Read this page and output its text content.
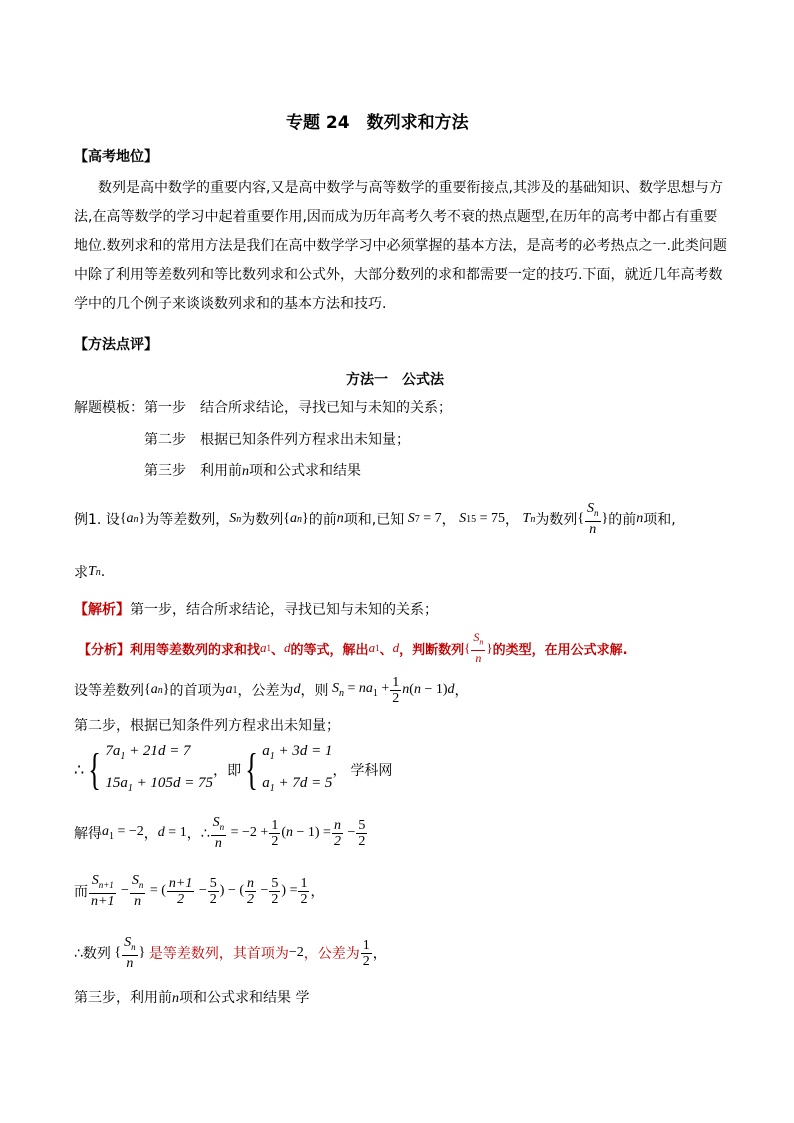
专题 24　数列求和方法
【高考地位】
数列是高中数学的重要内容,又是高中数学与高等数学的重要衔接点,其涉及的基础知识、数学思想与方
法,在高等数学的学习中起着重要作用,因而成为历年高考久考不衰的热点题型,在历年的高考中都占有重要
地位.数列求和的常用方法是我们在高中数学学习中必须掌握的基本方法，是高考的必考热点之一.此类问题
中除了利用等差数列和等比数列求和公式外，大部分数列的求和都需要一定的技巧.下面，就近几年高考数
学中的几个例子来谈谈数列求和的基本方法和技巧.
【方法点评】
方法一　公式法
解题模板：第一步　结合所求结论，寻找已知与未知的关系；
第二步　根据已知条件列方程求出未知量；
第三步　利用前n项和公式求和结果
例1. 设 { a n } 为等差数列， S n 为数列 { a n } 的前 n 项和,已知 S 7 = 7 ， S 15 = 75 ， T n 为数列 { $\frac{S_n}{n}$ } 的前 n 项和,
求 T n .
【解析】第一步，结合所求结论，寻找已知与未知的关系；
【分析】 利用等差数列的求和找 a 1 、 d 的等式，解出 a 1 、 d ，判断数列 { $\frac{S_n}{n}$ } 的类型，在用公式求解.
设等差数列 { a n } 的首项为 a 1 ，公差为 d ，则 $S_n = na_1 + \frac{1}{2} n(n - 1)d$ ，
第二步，根据已知条件列方程求出未知量；
∴ { $7a_1 + 21d = 7$
$15a_1 + 105d = 75$
， 即 { $a_1 + 3d = 1$
$a_1 + 7d = 5$
， 学科网
解得 $a_1 = -2$ ， d = 1 ，∴ $\frac{S_n}{n} = -2 + \frac{1}{2} (n - 1) = \frac{n}{2} - \frac{5}{2}$
而 $\frac{S_{n+1}}{n+1} - \frac{S_n}{n}$ = ( $\frac{n+1}{2} - \frac{5}{2}$ ) − ( $\frac{n}{2} - \frac{5}{2}$ ) = $\frac{1}{2}$ ，
∴数列 { $\frac{S_n}{n}$ } 是等差数列，其首项为 −2 ，公差为 $\frac{1}{2}$ ，
第三步，利用前n项和公式求和结果 学
